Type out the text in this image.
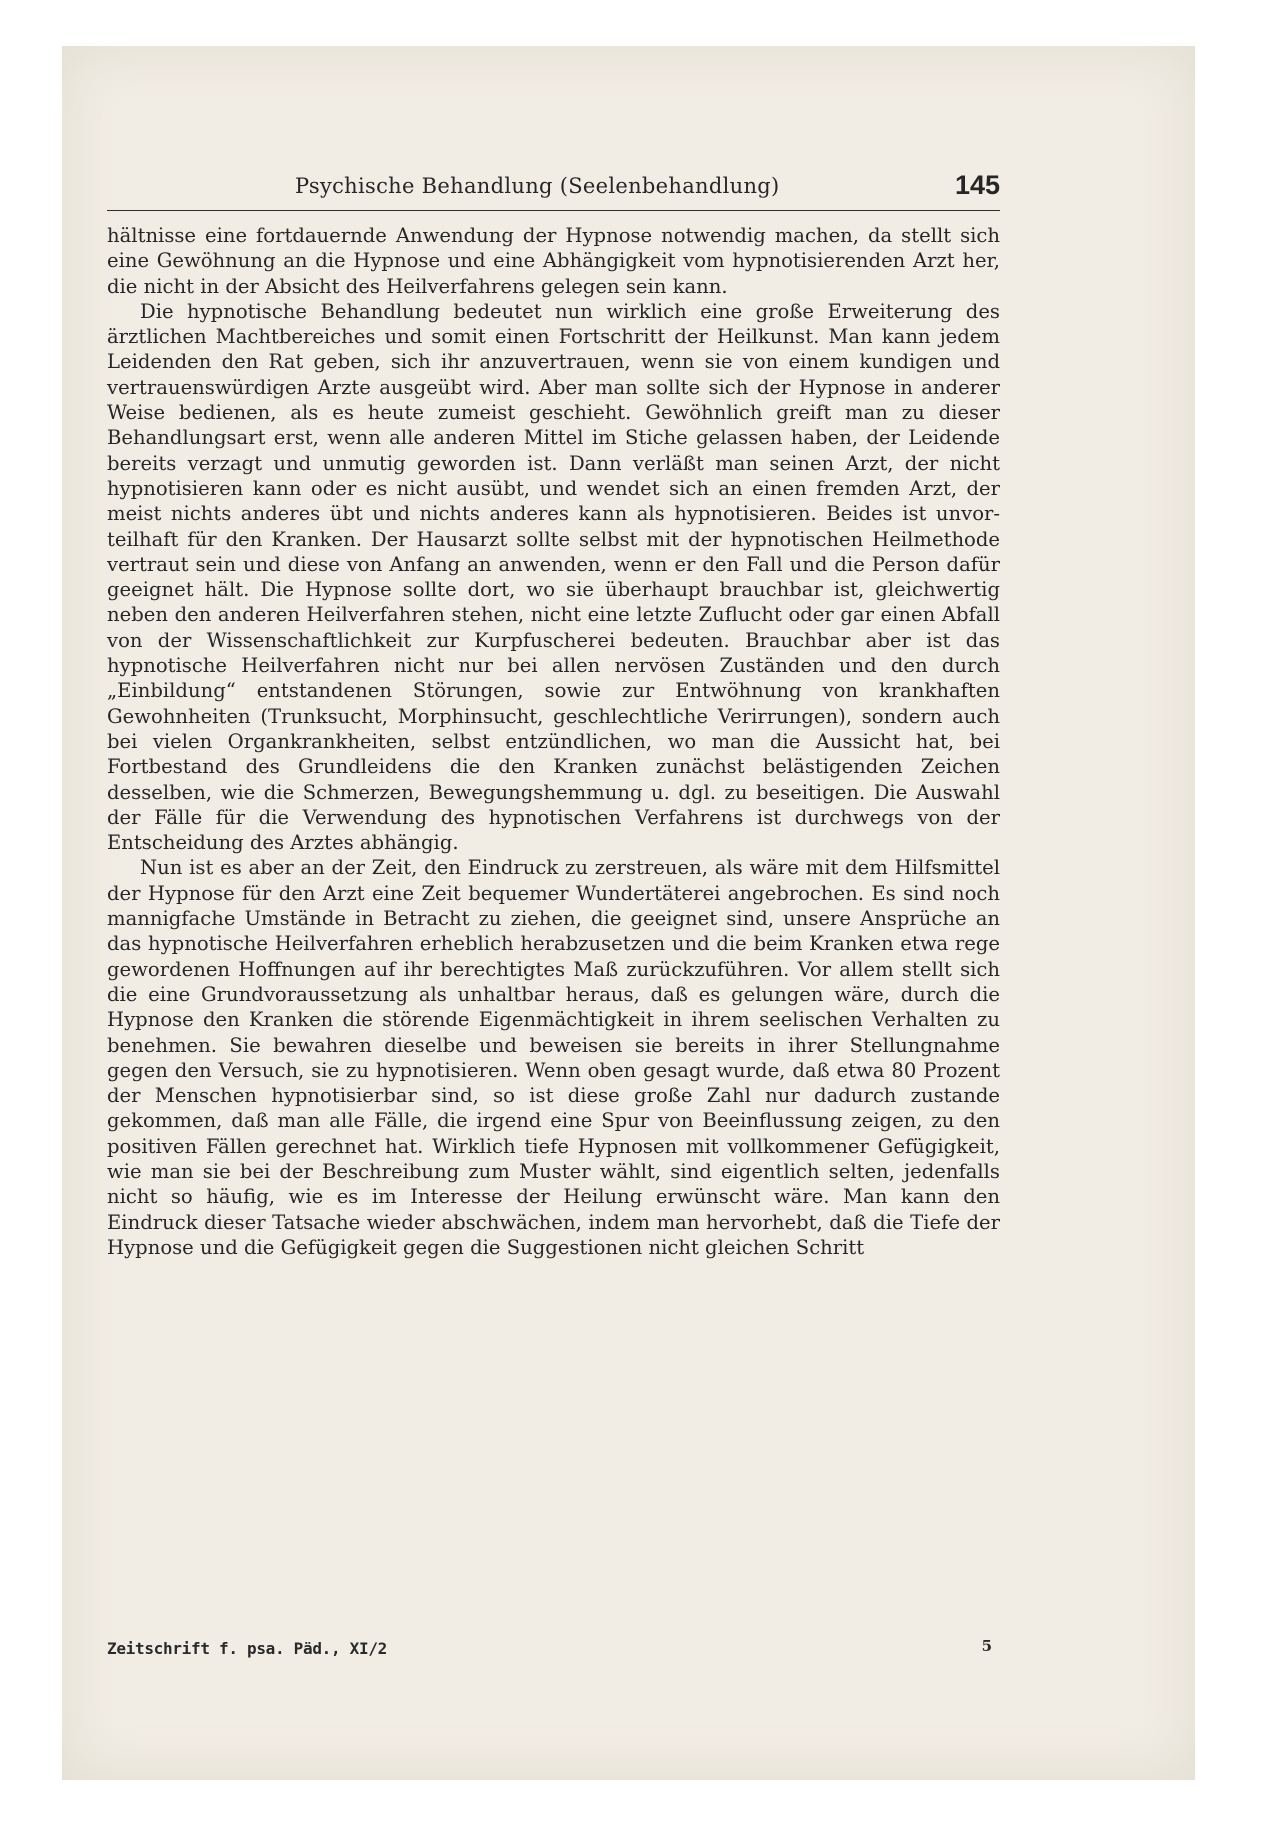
Psychische Behandlung (Seelenbehandlung)	145

hältnisse eine fortdauernde Anwendung der Hypnose notwendig machen, da stellt sich eine Gewöhnung an die Hypnose und eine Abhängigkeit vom hypnotisierenden Arzt her, die nicht in der Absicht des Heilverfahrens gelegen sein kann.

Die hypnotische Behandlung bedeutet nun wirklich eine große Erweiterung des ärztlichen Machtbereiches und somit einen Fortschritt der Heilkunst. Man kann jedem Leidenden den Rat geben, sich ihr anzuvertrauen, wenn sie von einem kundigen und vertrauenswürdigen Arzte ausgeübt wird. Aber man sollte sich der Hypnose in anderer Weise bedienen, als es heute zumeist geschieht. Gewöhnlich greift man zu dieser Behandlungsart erst, wenn alle anderen Mittel im Stiche gelassen haben, der Leidende bereits verzagt und unmutig geworden ist. Dann verläßt man seinen Arzt, der nicht hypnotisieren kann oder es nicht ausübt, und wendet sich an einen fremden Arzt, der meist nichts anderes übt und nichts anderes kann als hypnotisieren. Beides ist unvorteilhaft für den Kranken. Der Hausarzt sollte selbst mit der hypnotischen Heilmethode vertraut sein und diese von Anfang an anwenden, wenn er den Fall und die Person dafür geeignet hält. Die Hypnose sollte dort, wo sie überhaupt brauchbar ist, gleichwertig neben den anderen Heilverfahren stehen, nicht eine letzte Zuflucht oder gar einen Abfall von der Wissenschaftlichkeit zur Kurpfuscherei bedeuten. Brauchbar aber ist das hypnotische Heilverfahren nicht nur bei allen nervösen Zuständen und den durch „Einbildung“ entstandenen Störungen, sowie zur Entwöhnung von krankhaften Gewohnheiten (Trunksucht, Morphinsucht, geschlechtliche Verirrungen), sondern auch bei vielen Organkrankheiten, selbst entzündlichen, wo man die Aussicht hat, bei Fortbestand des Grundleidens die den Kranken zunächst belästigenden Zeichen desselben, wie die Schmerzen, Bewegungshemmung u. dgl. zu beseitigen. Die Auswahl der Fälle für die Verwendung des hypnotischen Verfahrens ist durchwegs von der Entscheidung des Arztes abhängig.

Nun ist es aber an der Zeit, den Eindruck zu zerstreuen, als wäre mit dem Hilfsmittel der Hypnose für den Arzt eine Zeit bequemer Wundertäterei angebrochen. Es sind noch mannigfache Umstände in Betracht zu ziehen, die geeignet sind, unsere Ansprüche an das hypnotische Heilverfahren erheblich herabzusetzen und die beim Kranken etwa rege gewordenen Hoffnungen auf ihr berechtigtes Maß zurückzuführen. Vor allem stellt sich die eine Grundvoraussetzung als unhaltbar heraus, daß es gelungen wäre, durch die Hypnose den Kranken die störende Eigenmächtigkeit in ihrem seelischen Verhalten zu benehmen. Sie bewahren dieselbe und beweisen sie bereits in ihrer Stellungnahme gegen den Versuch, sie zu hypnotisieren. Wenn oben gesagt wurde, daß etwa 80 Prozent der Menschen hypnotisierbar sind, so ist diese große Zahl nur dadurch zustande gekommen, daß man alle Fälle, die irgend eine Spur von Beeinflussung zeigen, zu den positiven Fällen gerechnet hat. Wirklich tiefe Hypnosen mit vollkommener Gefügigkeit, wie man sie bei der Beschreibung zum Muster wählt, sind eigentlich selten, jedenfalls nicht so häufig, wie es im Interesse der Heilung erwünscht wäre. Man kann den Eindruck dieser Tatsache wieder abschwächen, indem man hervorhebt, daß die Tiefe der Hypnose und die Gefügigkeit gegen die Suggestionen nicht gleichen Schritt

Zeitschrift f. psa. Päd., XI/2	5
